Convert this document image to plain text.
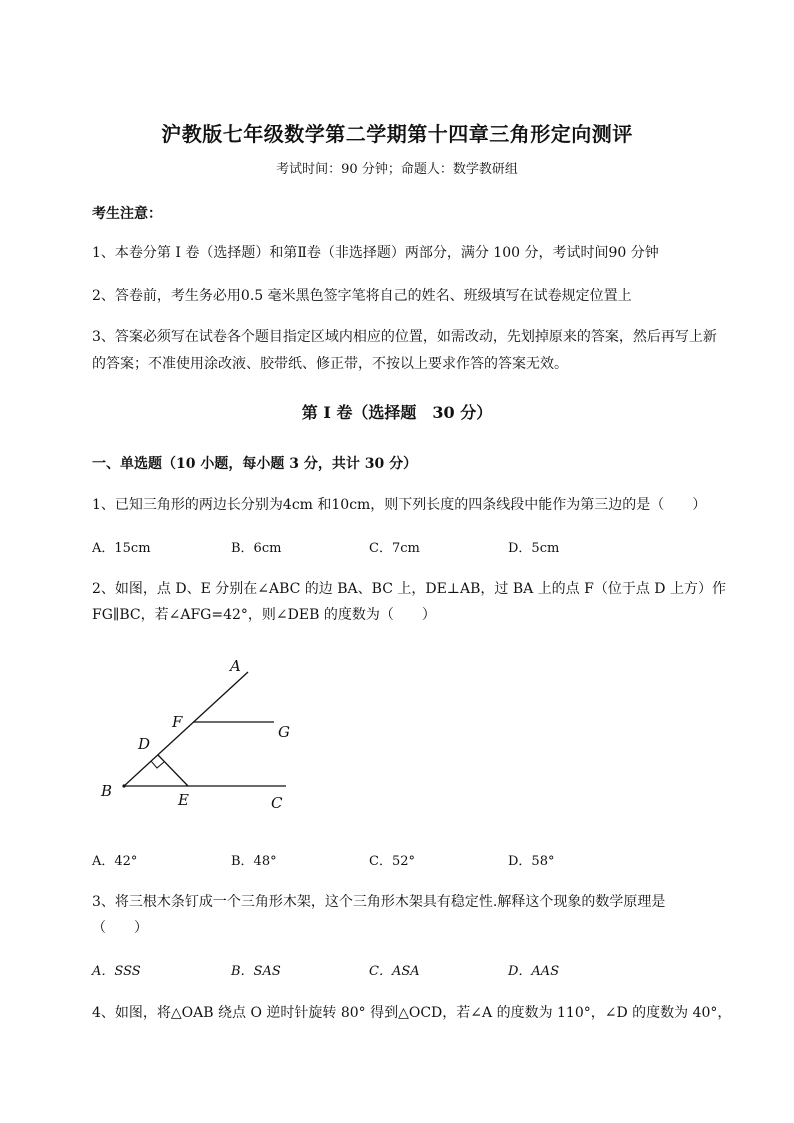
沪教版七年级数学第二学期第十四章三角形定向测评
考试时间：90 分钟；命题人：数学教研组
考生注意：
1、本卷分第 I 卷（选择题）和第Ⅱ卷（非选择题）两部分，满分 100 分，考试时间90 分钟
2、答卷前，考生务必用0.5 毫米黑色签字笔将自己的姓名、班级填写在试卷规定位置上
3、答案必须写在试卷各个题目指定区域内相应的位置，如需改动，先划掉原来的答案，然后再写上新
的答案；不准使用涂改液、胶带纸、修正带，不按以上要求作答的答案无效。
第 I 卷（选择题　30 分）
一、单选题（10 小题，每小题 3 分，共计 30 分）
1、已知三角形的两边长分别为4cm 和10cm，则下列长度的四条线段中能作为第三边的是（　　）
A．15cm	B．6cm	C．7cm	D．5cm
2、如图，点 D、E 分别在∠ABC 的边 BA、BC 上，DE⊥AB，过 BA 上的点 F（位于点 D 上方）作
FG∥BC，若∠AFG=42°，则∠DEB 的度数为（　　）
A
B
C
D
E
F
G
A．42°	B．48°	C．52°	D．58°
3、将三根木条钉成一个三角形木架，这个三角形木架具有稳定性.解释这个现象的数学原理是
（　　）
A．SSS	B．SAS	C．ASA	D．AAS
4、如图，将△OAB 绕点 O 逆时针旋转 80° 得到△OCD，若∠A 的度数为 110°，∠D 的度数为 40°，
